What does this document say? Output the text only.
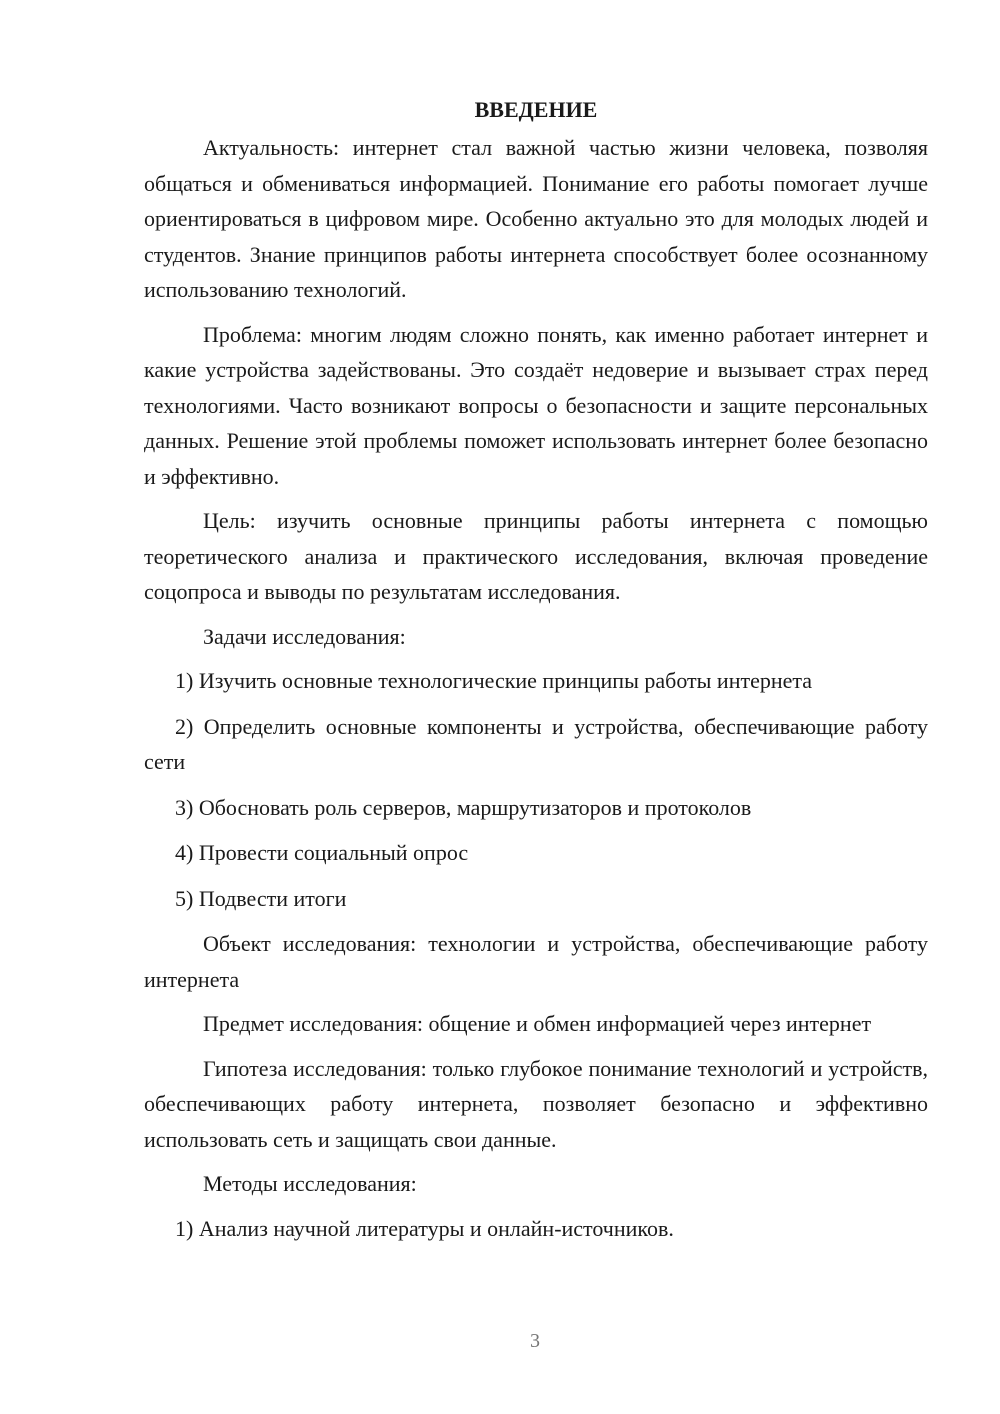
ВВЕДЕНИЕ

Актуальность: интернет стал важной частью жизни человека, позволяя общаться и обмениваться информацией. Понимание его работы помогает лучше ориентироваться в цифровом мире. Особенно актуально это для молодых людей и студентов. Знание принципов работы интернета способствует более осознанному использованию технологий.

Проблема: многим людям сложно понять, как именно работает интернет и какие устройства задействованы. Это создаёт недоверие и вызывает страх перед технологиями. Часто возникают вопросы о безопасности и защите персональных данных. Решение этой проблемы поможет использовать интернет более безопасно и эффективно.

Цель: изучить основные принципы работы интернета с помощью теоретического анализа и практического исследования, включая проведение соцопроса и выводы по результатам исследования.

Задачи исследования:

1) Изучить основные технологические принципы работы интернета

2) Определить основные компоненты и устройства, обеспечивающие работу сети

3) Обосновать роль серверов, маршрутизаторов и протоколов

4) Провести социальный опрос

5) Подвести итоги

Объект исследования: технологии и устройства, обеспечивающие работу интернета

Предмет исследования: общение и обмен информацией через интернет

Гипотеза исследования: только глубокое понимание технологий и устройств, обеспечивающих работу интернета, позволяет безопасно и эффективно использовать сеть и защищать свои данные.

Методы исследования:

1) Анализ научной литературы и онлайн-источников.

3
